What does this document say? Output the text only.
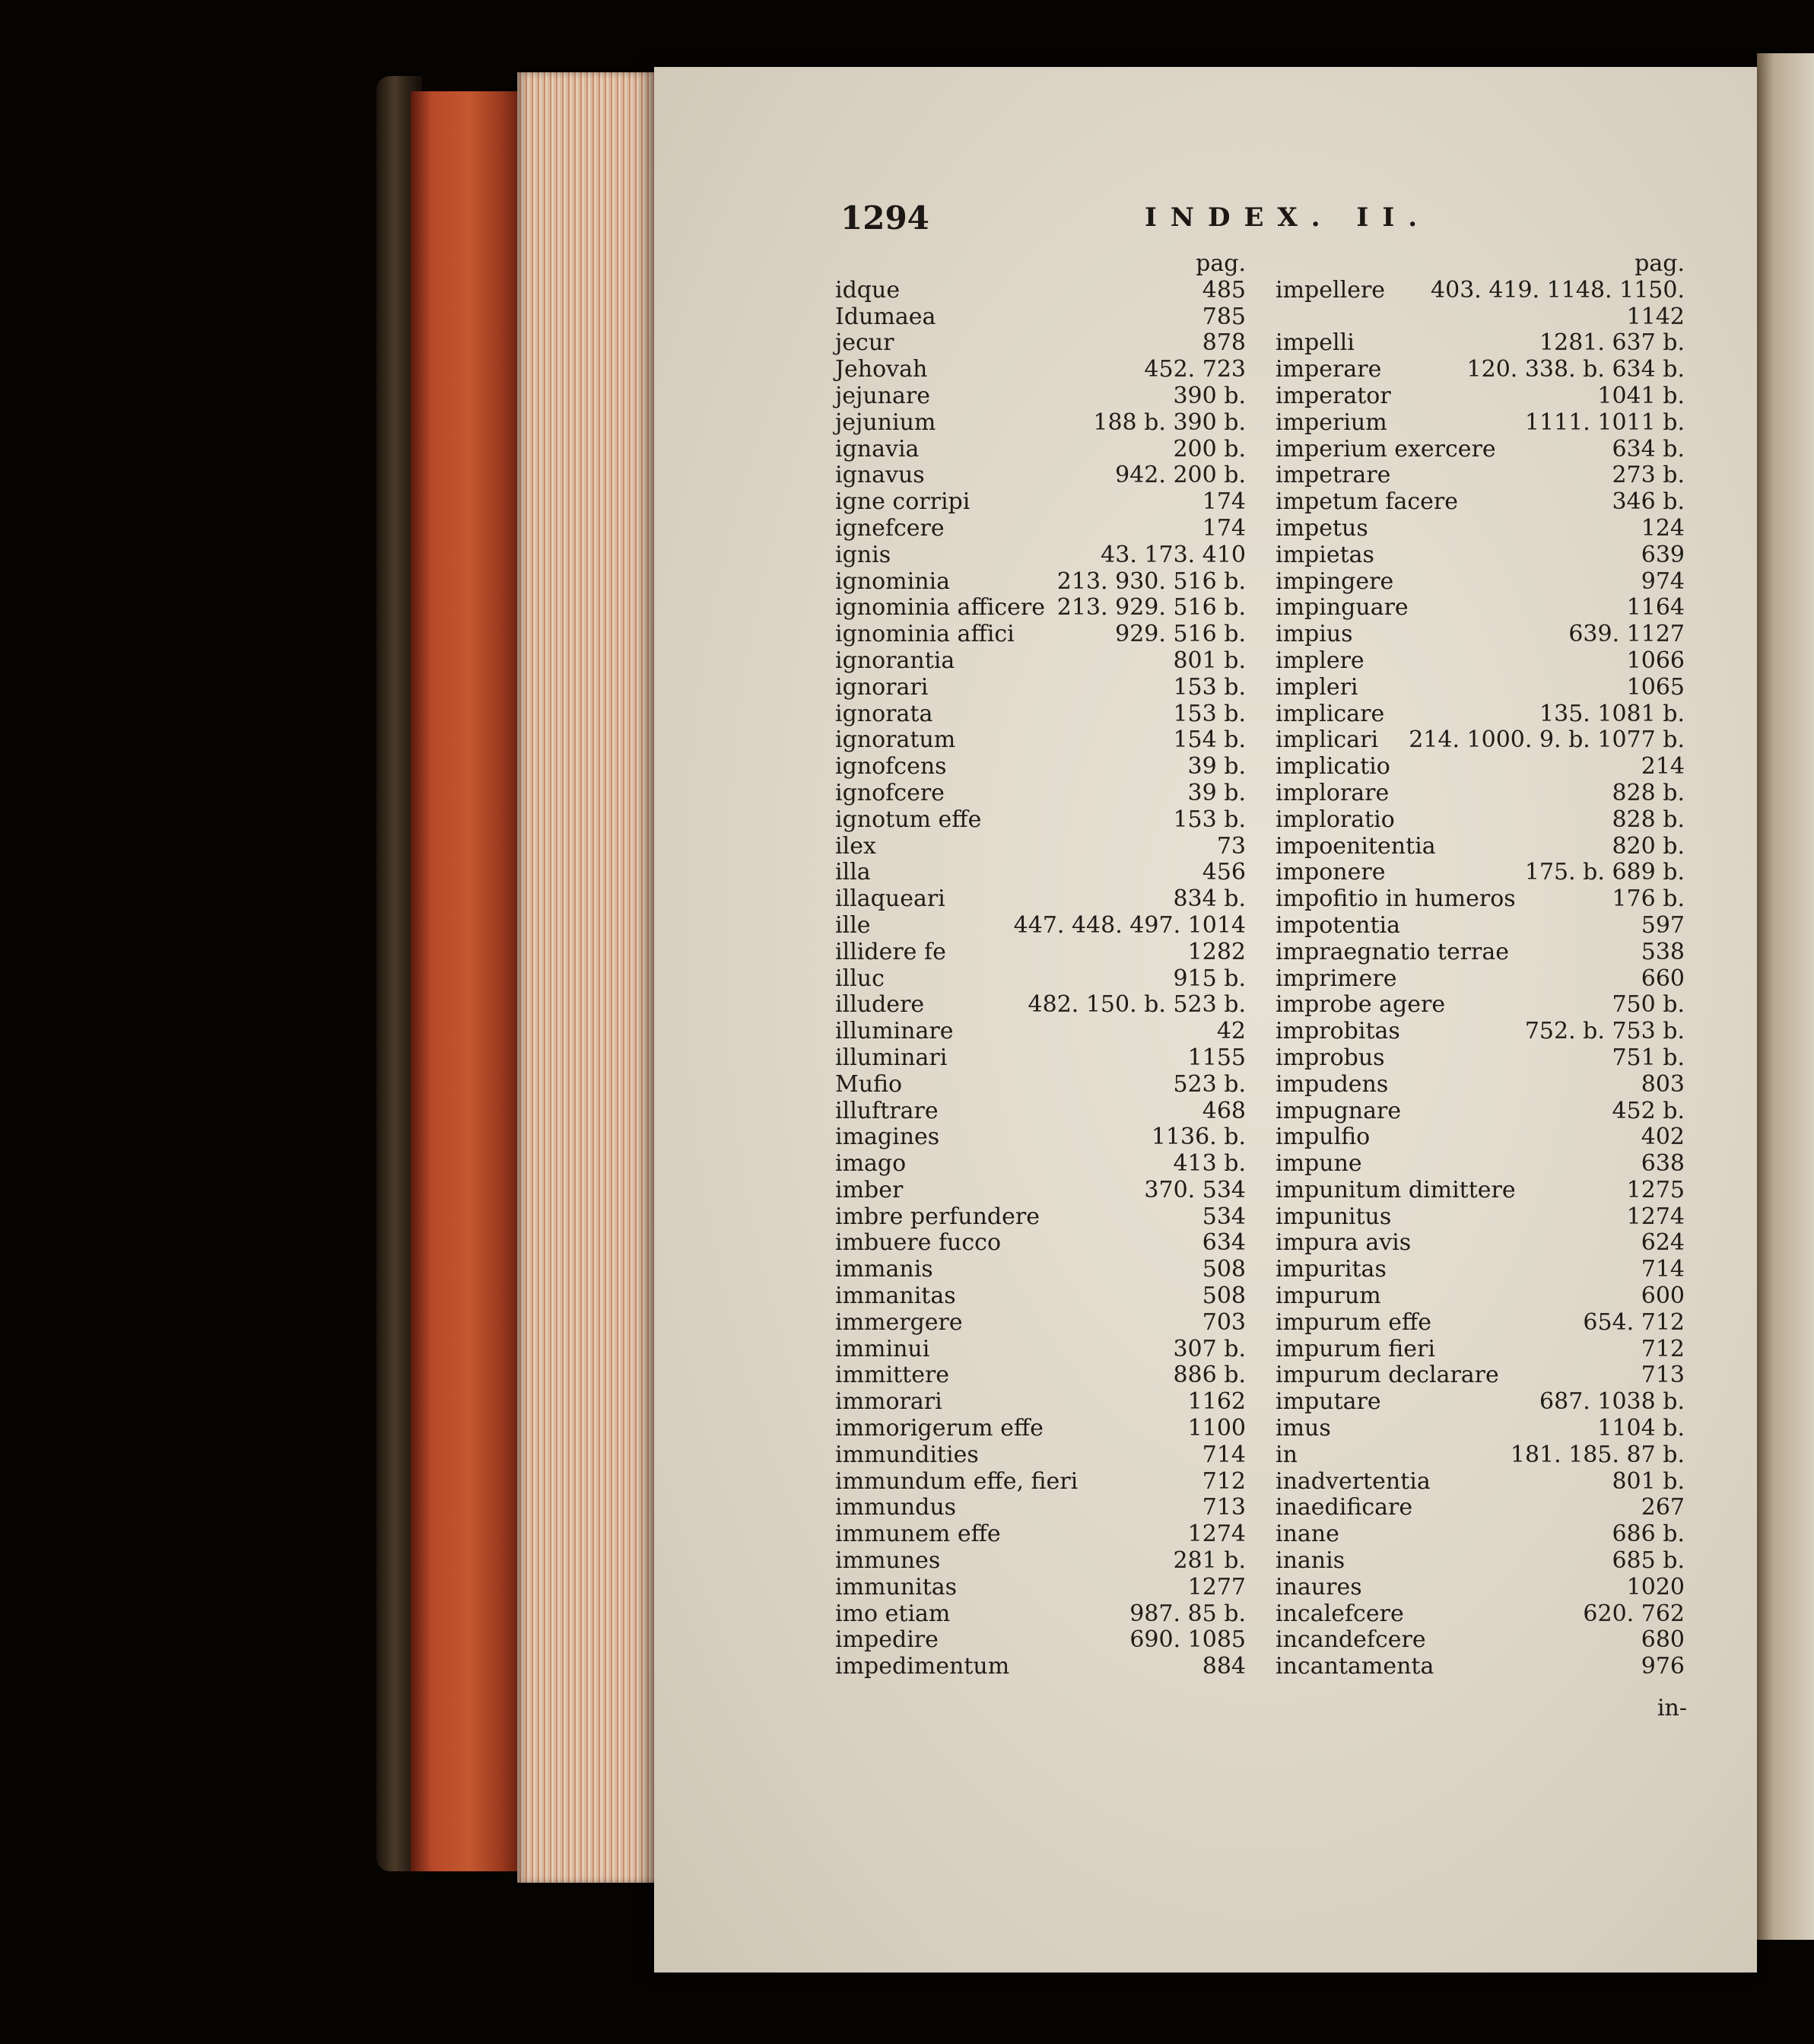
1294	INDEX. II.
pag.
idque	485
Idumaea	785
jecur	878
Jehovah	452. 723
jejunare	390 b.
jejunium	188 b. 390 b.
ignavia	200 b.
ignavus	942. 200 b.
igne corripi	174
ignefcere	174
ignis	43. 173. 410
ignominia	213. 930. 516 b.
ignominia afficere 213. 929. 516 b.
ignominia affici	929. 516 b.
ignorantia	801 b.
ignorari	153 b.
ignorata	153 b.
ignoratum	154 b.
ignofcens	39 b.
ignofcere	39 b.
ignotum effe	153 b.
ilex	73
illa	456
illaqueari	834 b.
ille	447. 448. 497. 1014
illidere fe	1282
illuc	915 b.
illudere	482. 150. b. 523 b.
illuminare	42
illuminari	1155
Mufio	523 b.
illuftrare	468
imagines	1136. b.
imago	413 b.
imber	370. 534
imbre perfundere	534
imbuere fucco	634
immanis	508
immanitas	508
immergere	703
imminui	307 b.
immittere	886 b.
immorari	1162
immorigerum effe	1100
immundities	714
immundum effe, fieri	712
immundus	713
immunem effe	1274
immunes	281 b.
immunitas	1277
imo etiam	987. 85 b.
impedire	690. 1085
impedimentum	884
pag.
impellere 403. 419. 1148. 1150.
1142
impelli	1281. 637 b.
imperare	120. 338. b. 634 b.
imperator	1041 b.
imperium	1111. 1011 b.
imperium exercere	634 b.
impetrare	273 b.
impetum facere	346 b.
impetus	124
impietas	639
impingere	974
impinguare	1164
impius	639. 1127
implere	1066
impleri	1065
implicare	135. 1081 b.
implicari 214. 1000. 9. b. 1077 b.
implicatio	214
implorare	828 b.
imploratio	828 b.
impoenitentia	820 b.
imponere	175. b. 689 b.
impofitio in humeros	176 b.
impotentia	597
impraegnatio terrae	538
imprimere	660
improbe agere	750 b.
improbitas	752. b. 753 b.
improbus	751 b.
impudens	803
impugnare	452 b.
impulfio	402
impune	638
impunitum dimittere	1275
impunitus	1274
impura avis	624
impuritas	714
impurum	600
impurum effe	654. 712
impurum fieri	712
impurum declarare	713
imputare	687. 1038 b.
imus	1104 b.
in	181. 185. 87 b.
inadvertentia	801 b.
inaedificare	267
inane	686 b.
inanis	685 b.
inaures	1020
incalefcere	620. 762
incandefcere	680
incantamenta	976
in-
